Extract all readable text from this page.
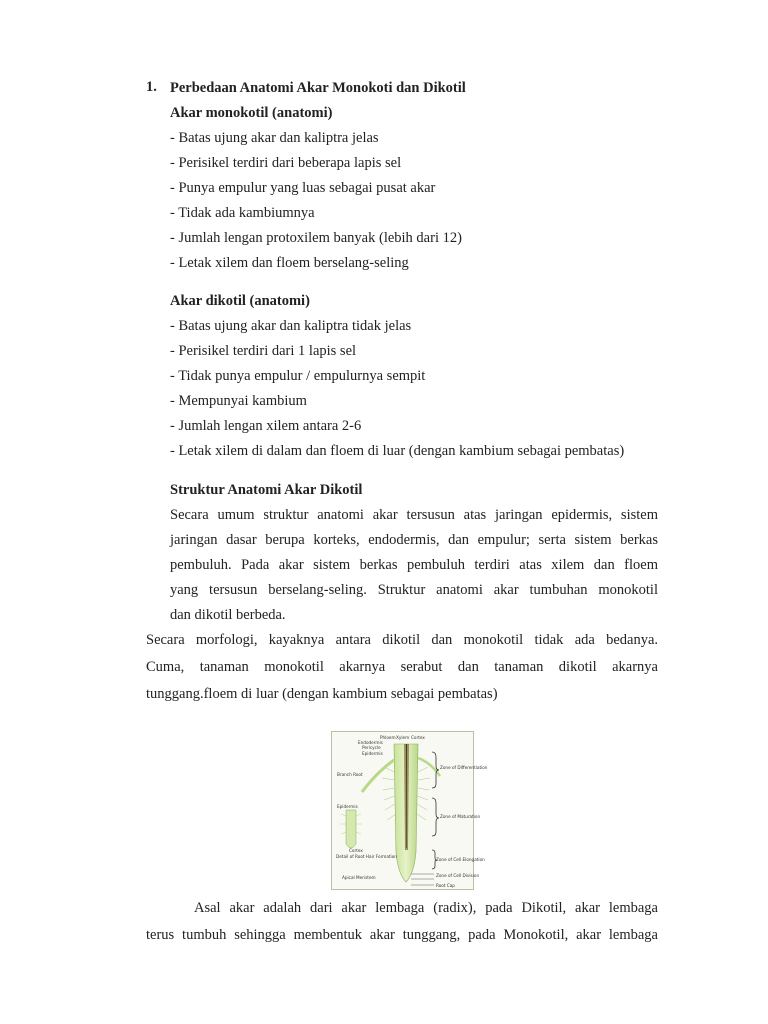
1. Perbedaan Anatomi Akar Monokoti dan Dikotil
Akar monokotil (anatomi)
- Batas ujung akar dan kaliptra jelas
- Perisikel terdiri dari beberapa lapis sel
- Punya empulur yang luas sebagai pusat akar
- Tidak ada kambiumnya
- Jumlah lengan protoxilem banyak (lebih dari 12)
- Letak xilem dan floem berselang-seling
Akar dikotil (anatomi)
- Batas ujung akar dan kaliptra tidak jelas
- Perisikel terdiri dari 1 lapis sel
- Tidak punya empulur / empulurnya sempit
- Mempunyai kambium
- Jumlah lengan xilem antara 2-6
- Letak xilem di dalam dan floem di luar (dengan kambium sebagai pembatas)
Struktur Anatomi Akar Dikotil
Secara umum struktur anatomi akar tersusun atas jaringan epidermis, sistem
jaringan dasar berupa korteks, endodermis, dan empulur; serta sistem berkas
pembuluh. Pada akar sistem berkas pembuluh terdiri atas xilem dan floem
yang tersusun berselang-seling. Struktur anatomi akar tumbuhan monokotil
dan dikotil berbeda.
Secara morfologi, kayaknya antara dikotil dan monokotil tidak ada bedanya.
Cuma, tanaman monokotil akarnya serabut dan tanaman dikotil akarnya
tunggang.floem di luar (dengan kambium sebagai pembatas)
Phloem Xylem Cortex
Endodermis
Pericycle
Epidermis
Branch Root
Epidermis
Cortex
Detail of Root Hair Formation
Apical Meristem
Zone of Differentiation
Zone of Maturation
Zone of Cell Elongation
Zone of Cell Division
Root Cap
Asal akar adalah dari akar lembaga (radix), pada Dikotil, akar lembaga
terus tumbuh sehingga membentuk akar tunggang, pada Monokotil, akar lembaga
